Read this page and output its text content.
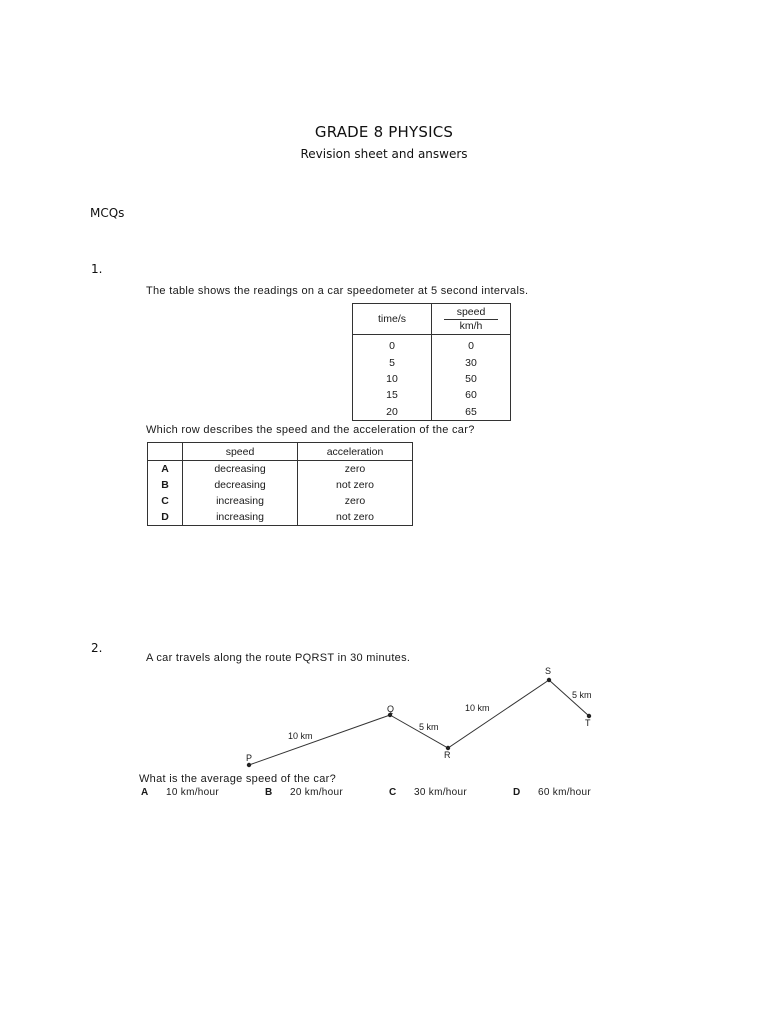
GRADE 8 PHYSICS
Revision sheet and answers
MCQs
1.
The table shows the readings on a car speedometer at 5 second intervals.
time/s	speed
km/h

0	0
5	30
10	50
15	60
20	65
Which row describes the speed and the acceleration of the car?
	speed	acceleration
A	decreasing	zero
B	decreasing	not zero
C	increasing	zero
D	increasing	not zero
2.
A car travels along the route PQRST in 30 minutes.
P
Q
R
S
T
10 km
5 km
10 km
5 km
What is the average speed of the car?
A 10 km/hour	B 20 km/hour	C 30 km/hour	D 60 km/hour
